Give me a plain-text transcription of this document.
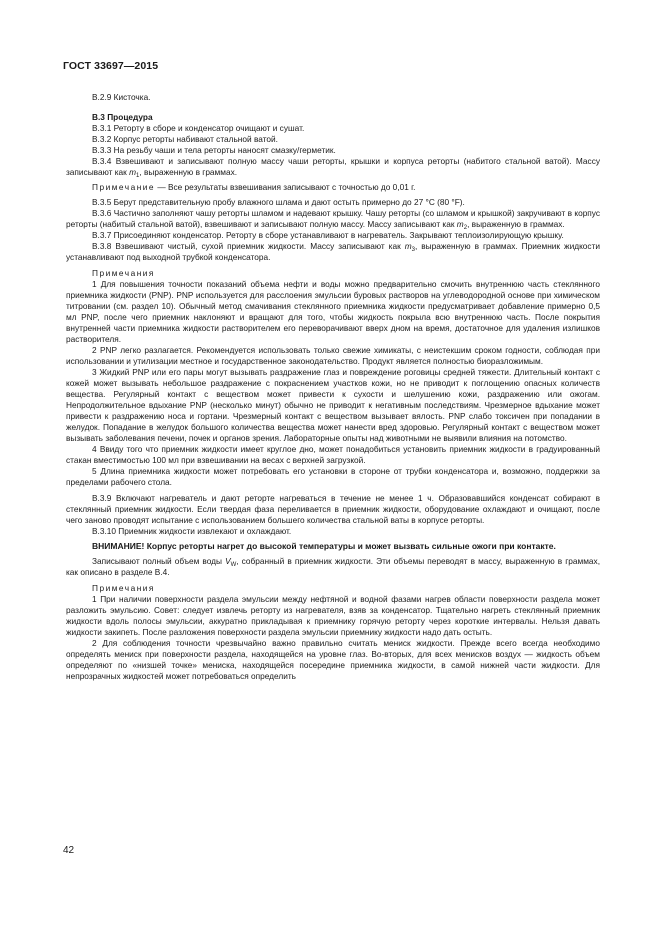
ГОСТ 33697—2015

В.2.9 Кисточка.

В.3 Процедура

В.3.1 Реторту в сборе и конденсатор очищают и сушат.

В.3.2 Корпус реторты набивают стальной ватой.

В.3.3 На резьбу чаши и тела реторты наносят смазку/герметик.

В.3.4 Взвешивают и записывают полную массу чаши реторты, крышки и корпуса реторты (набитого стальной ватой). Массу записывают как $m_1$, выраженную в граммах.

Примечание — Все результаты взвешивания записывают с точностью до 0,01 г.

В.3.5 Берут представительную пробу влажного шлама и дают остыть примерно до 27 °С (80 °F).

В.3.6 Частично заполняют чашу реторты шламом и надевают крышку. Чашу реторты (со шламом и крышкой) закручивают в корпус реторты (набитый стальной ватой), взвешивают и записывают полную массу. Массу записывают как $m_2$, выраженную в граммах.

В.3.7 Присоединяют конденсатор. Реторту в сборе устанавливают в нагреватель. Закрывают теплоизолирующую крышку.

В.3.8 Взвешивают чистый, сухой приемник жидкости. Массу записывают как $m_3$, выраженную в граммах. Приемник жидкости устанавливают под выходной трубкой конденсатора.

Примечания

1 Для повышения точности показаний объема нефти и воды можно предварительно смочить внутреннюю часть стеклянного приемника жидкости (PNP). PNP используется для расслоения эмульсии буровых растворов на углеводородной основе при химическом титровании (см. раздел 10). Обычный метод смачивания стеклянного приемника жидкости предусматривает добавление примерно 0,5 мл PNP, после чего приемник наклоняют и вращают для того, чтобы жидкость покрыла всю внутреннюю часть. После покрытия внутренней части приемника жидкости растворителем его переворачивают вверх дном на время, достаточное для удаления излишков растворителя.

2 PNP легко разлагается. Рекомендуется использовать только свежие химикаты, с неистекшим сроком годности, соблюдая при использовании и утилизации местное и государственное законодательство. Продукт является полностью биоразложимым.

3 Жидкий PNP или его пары могут вызывать раздражение глаз и повреждение роговицы средней тяжести. Длительный контакт с кожей может вызывать небольшое раздражение с покраснением участков кожи, но не приводит к поглощению опасных количеств вещества. Регулярный контакт с веществом может привести к сухости и шелушению кожи, раздражению или ожогам. Непродолжительное вдыхание PNP (несколько минут) обычно не приводит к негативным последствиям. Чрезмерное вдыхание может привести к раздражению носа и гортани. Чрезмерный контакт с веществом вызывает вялость. PNP слабо токсичен при попадании в желудок. Попадание в желудок большого количества вещества может нанести вред здоровью. Регулярный контакт с веществом может вызывать заболевания печени, почек и органов зрения. Лабораторные опыты над животными не выявили влияния на потомство.

4 Ввиду того что приемник жидкости имеет круглое дно, может понадобиться установить приемник жидкости в градуированный стакан вместимостью 100 мл при взвешивании на весах с верхней загрузкой.

5 Длина приемника жидкости может потребовать его установки в стороне от трубки конденсатора и, возможно, поддержки за пределами рабочего стола.

В.3.9 Включают нагреватель и дают реторте нагреваться в течение не менее 1 ч. Образовавшийся конденсат собирают в стеклянный приемник жидкости. Если твердая фаза переливается в приемник жидкости, оборудование охлаждают и очищают, после чего заново проводят испытание с использованием большего количества стальной ваты в корпусе реторты.

В.3.10 Приемник жидкости извлекают и охлаждают.

ВНИМАНИЕ! Корпус реторты нагрет до высокой температуры и может вызвать сильные ожоги при контакте.

Записывают полный объем воды $V_W$, собранный в приемник жидкости. Эти объемы переводят в массу, выраженную в граммах, как описано в разделе В.4.

Примечания

1 При наличии поверхности раздела эмульсии между нефтяной и водной фазами нагрев области поверхности раздела может разложить эмульсию. Совет: следует извлечь реторту из нагревателя, взяв за конденсатор. Тщательно нагреть стеклянный приемник жидкости вдоль полосы эмульсии, аккуратно прикладывая к приемнику горячую реторту через короткие интервалы. Нельзя давать жидкости закипеть. После разложения поверхности раздела эмульсии приемнику жидкости надо дать остыть.

2 Для соблюдения точности чрезвычайно важно правильно считать мениск жидкости. Прежде всего всегда необходимо определять мениск при поверхности раздела, находящейся на уровне глаз. Во-вторых, для всех менисков воздух — жидкость объем определяют по «низшей точке» мениска, находящейся посередине приемника жидкости, в самой нижней части жидкости. Для непрозрачных жидкостей может потребоваться определить

42
